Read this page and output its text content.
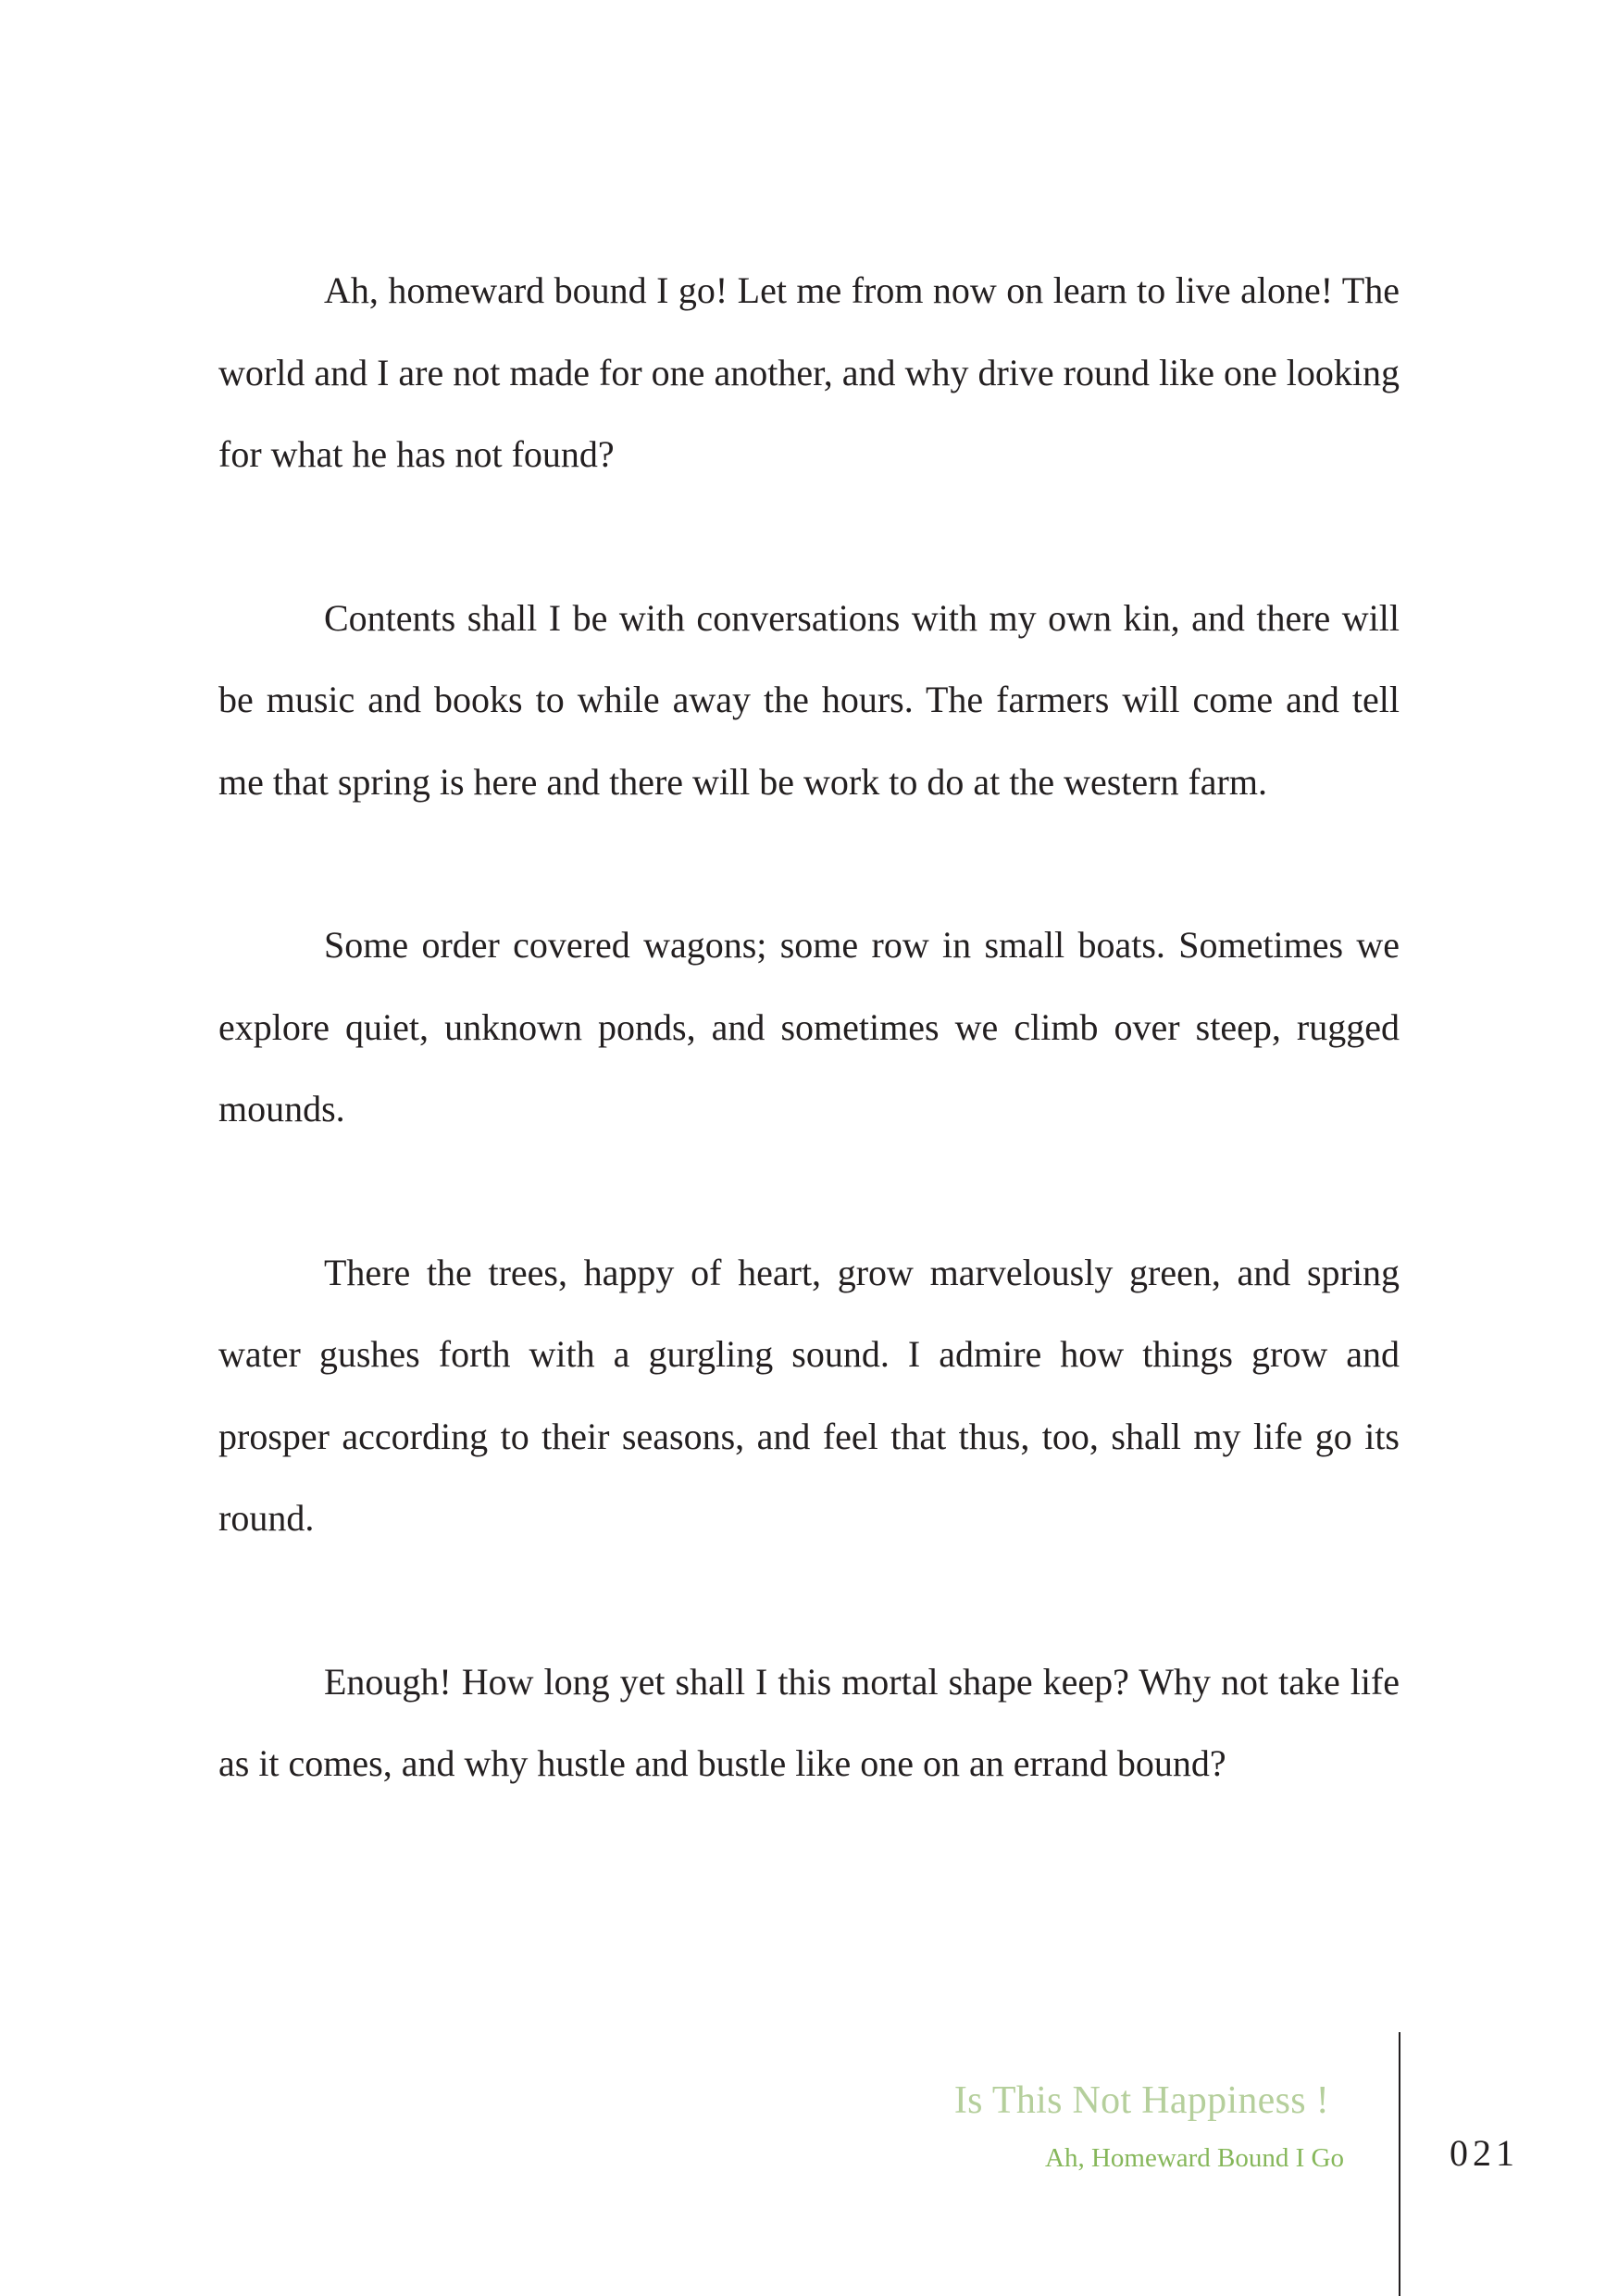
Ah, homeward bound I go! Let me from now on learn to live alone! The world and I are not made for one another, and why drive round like one looking for what he has not found?

Contents shall I be with conversations with my own kin, and there will be music and books to while away the hours. The farmers will come and tell me that spring is here and there will be work to do at the western farm.

Some order covered wagons; some row in small boats. Sometimes we explore quiet, unknown ponds, and sometimes we climb over steep, rugged mounds.

There the trees, happy of heart, grow marvelously green, and spring water gushes forth with a gurgling sound. I admire how things grow and prosper according to their seasons, and feel that thus, too, shall my life go its round.

Enough! How long yet shall I this mortal shape keep? Why not take life as it comes, and why hustle and bustle like one on an errand bound?

Is This Not Happiness !
Ah, Homeward Bound I Go	021
